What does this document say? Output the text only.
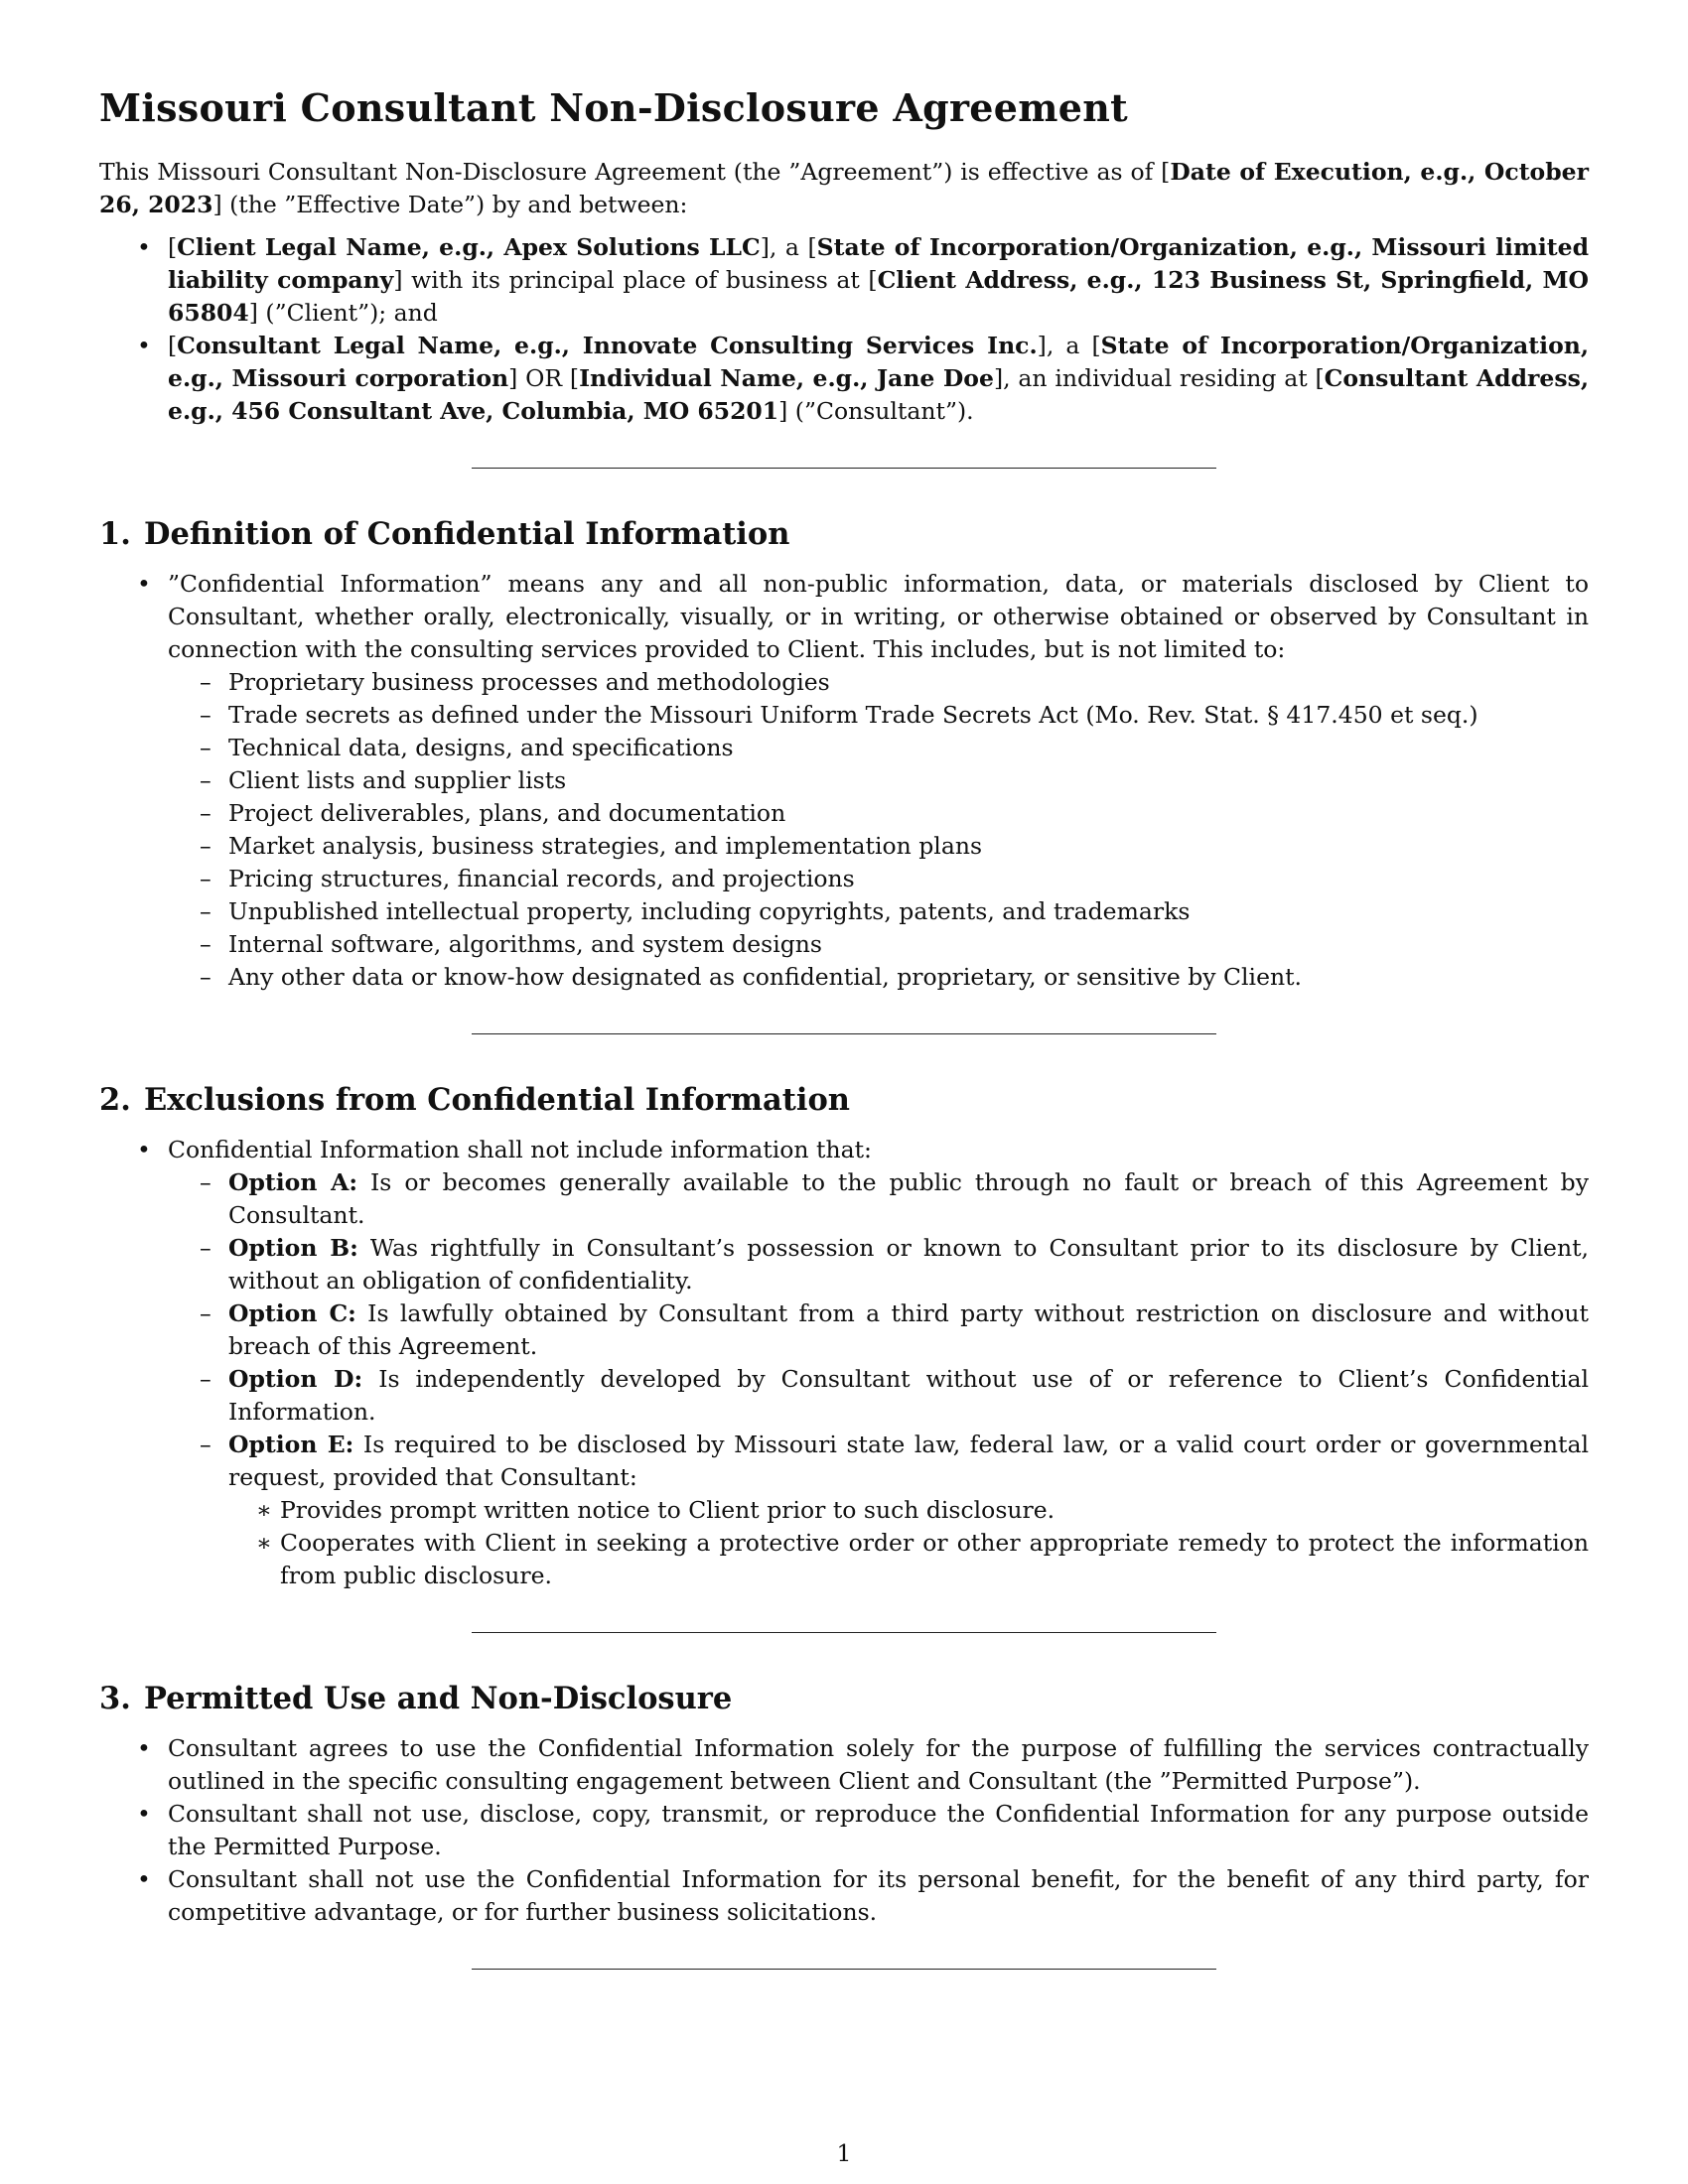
Missouri Consultant Non-Disclosure Agreement

This Missouri Consultant Non-Disclosure Agreement (the ”Agreement”) is effective as of [Date of Execution, e.g., October 26, 2023] (the ”Effective Date”) by and between:

• [Client Legal Name, e.g., Apex Solutions LLC], a [State of Incorporation/Organization, e.g., Missouri limited liability company] with its principal place of business at [Client Address, e.g., 123 Business St, Springfield, MO 65804] (”Client”); and
• [Consultant Legal Name, e.g., Innovate Consulting Services Inc.], a [State of Incorporation/Organization, e.g., Missouri corporation] OR [Individual Name, e.g., Jane Doe], an individual residing at [Consultant Address, e.g., 456 Consultant Ave, Columbia, MO 65201] (”Consultant”).
1. Definition of Confidential Information
• ”Confidential Information” means any and all non-public information, data, or materials disclosed by Client to Consultant, whether orally, electronically, visually, or in writing, or otherwise obtained or observed by Consultant in connection with the consulting services provided to Client. This includes, but is not limited to:
– Proprietary business processes and methodologies
– Trade secrets as defined under the Missouri Uniform Trade Secrets Act (Mo. Rev. Stat. § 417.450 et seq.)
– Technical data, designs, and specifications
– Client lists and supplier lists
– Project deliverables, plans, and documentation
– Market analysis, business strategies, and implementation plans
– Pricing structures, financial records, and projections
– Unpublished intellectual property, including copyrights, patents, and trademarks
– Internal software, algorithms, and system designs
– Any other data or know-how designated as confidential, proprietary, or sensitive by Client.
2. Exclusions from Confidential Information
• Confidential Information shall not include information that:
– Option A: Is or becomes generally available to the public through no fault or breach of this Agreement by Consultant.
– Option B: Was rightfully in Consultant’s possession or known to Consultant prior to its disclosure by Client, without an obligation of confidentiality.
– Option C: Is lawfully obtained by Consultant from a third party without restriction on disclosure and without breach of this Agreement.
– Option D: Is independently developed by Consultant without use of or reference to Client’s Confidential Information.
– Option E: Is required to be disclosed by Missouri state law, federal law, or a valid court order or governmental request, provided that Consultant:
∗ Provides prompt written notice to Client prior to such disclosure.
∗ Cooperates with Client in seeking a protective order or other appropriate remedy to protect the information from public disclosure.
3. Permitted Use and Non-Disclosure
• Consultant agrees to use the Confidential Information solely for the purpose of fulfilling the services contractually outlined in the specific consulting engagement between Client and Consultant (the ”Permitted Purpose”).
• Consultant shall not use, disclose, copy, transmit, or reproduce the Confidential Information for any purpose outside the Permitted Purpose.
• Consultant shall not use the Confidential Information for its personal benefit, for the benefit of any third party, for competitive advantage, or for further business solicitations.
1
